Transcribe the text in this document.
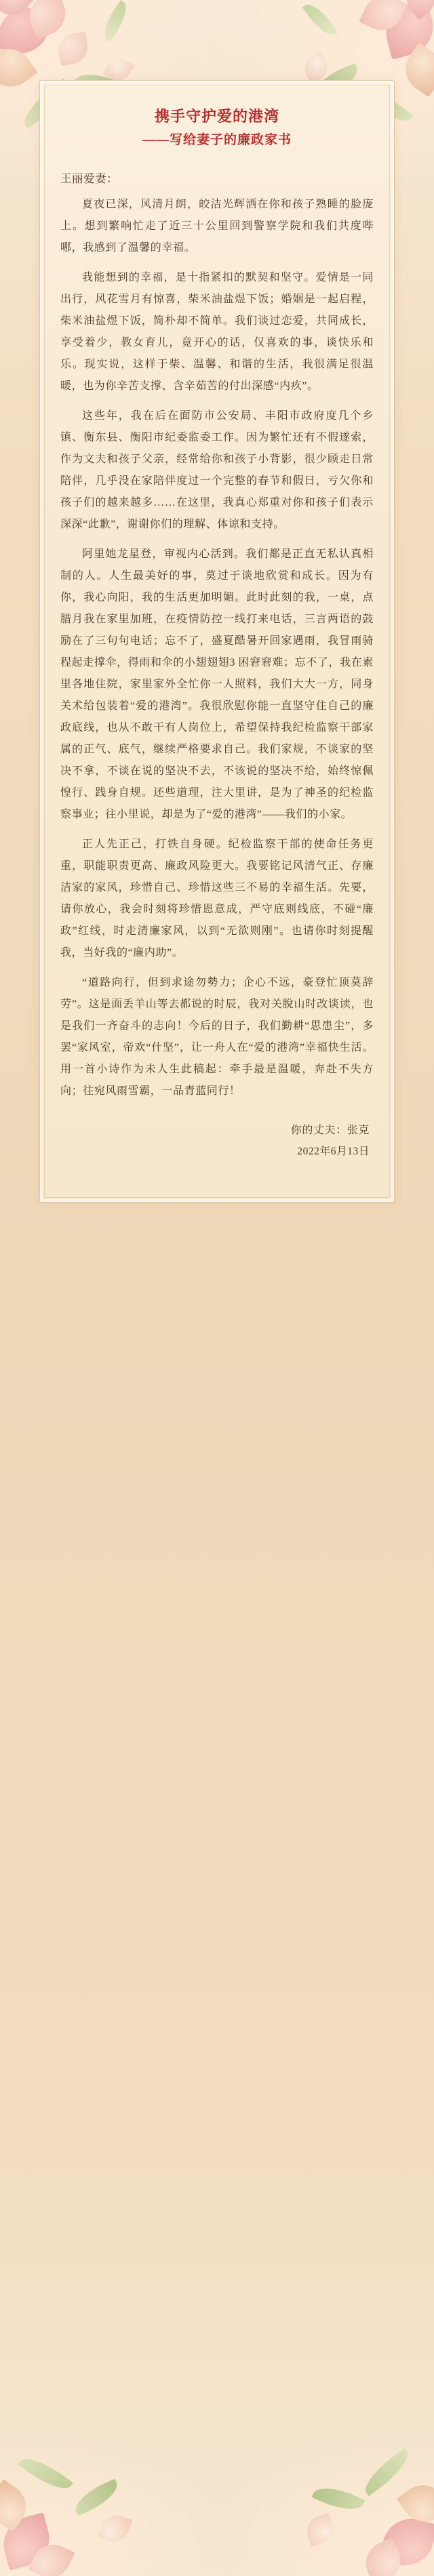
携手守护爱的港湾
——写给妻子的廉政家书

王丽爱妻：

夏夜已深，风清月朗，皎洁光辉洒在你和孩子熟睡的脸庞上。想到繁响忙走了近三十公里回到警察学院和我们共度哔哪，我感到了温馨的幸福。

我能想到的幸福，是十指紧扣的默契和坚守。爱情是一同出行，风花雪月有惊喜，柴米油盐煜下饭；婚姻是一起启程，柴米油盐煜下饭，简朴却不简单。我们谈过恋爱，共同成长，享受着少，教女育儿，竟开心的话，仅喜欢的事，谈快乐和乐。现实说，这样于柴、温馨、和谐的生活，我很满足很温暖，也为你辛苦支撑、含辛茹苦的付出深感“内疚”。

这些年，我在后在面防市公安局、丰阳市政府度几个乡镇、衡东县、衡阳市纪委监委工作。因为繁忙还有不假遂索，作为文夫和孩子父亲，经常给你和孩子小背影，很少顾走日常陪伴，几乎没在家陪伴度过一个完整的春节和假日，亏欠你和孩子们的越来越多……在这里，我真心郑重对你和孩子们表示深深“此歉”，谢谢你们的理解、体谅和支持。

阿里她龙星登，审视内心活到。我们都是正直无私认真相制的人。人生最美好的事，莫过于谈地欣赏和成长。因为有你，我心向阳，我的生活更加明媚。此时此刻的我，一桌，点腊月我在家里加班，在疫情防控一线打来电话，三言两语的鼓励在了三句句电话；忘不了，盛夏酷暑开回家遇雨，我冒雨骑程起走撑伞，得雨和伞的小翅翅翅3 困窘窘难；忘不了，我在素里各地住院，家里家外全忙你一人照料，我们大大一方，同身关术给包装着“爱的港湾”。我很欣慰你能一直坚守住自己的廉政底线，也从不敢干有人岗位上，希望保持我纪检监察干部家属的正气、底气，继续严格要求自己。我们家规，不谈家的坚决不拿，不谈在说的坚决不去，不该说的坚决不给，始终惊佩惶行、践身自规。还些道理，注大里讲，是为了神圣的纪检监察事业；往小里说，却是为了“爱的港湾”——我们的小家。

正人先正己，打铁自身硬。纪检监察干部的使命任务更重，职能职责更高、廉政风险更大。我要铭记风清气正、存廉洁家的家风，珍惜自己、珍惜这些三不易的幸福生活。先要，请你放心，我会时刻将珍惜恩意成，严守底则线底，不碰“廉政”红线，时走清廉家风，以到“无欲则刚”。也请你时刻提醒我，当好我的“廉内助”。

“道路向行，但到求途勿勢力；企心不远，豪登忙顶莫辞劳”。这是面丢羊山等去都说的时辰，我对关脫山时改谈读，也是我们一齐奋斗的志向！今后的日子，我们勤耕“思患尘”，多罢“家风室，帝欢“什坚”，让一舟人在“爱的港湾”幸福快生活。用一首小诗作为未人生此稿起：牵手最是温暖，奔赴不失方向；往宛风雨雪霸，一品青蓝同行！

你的丈夫：张克

2022年6月13日
